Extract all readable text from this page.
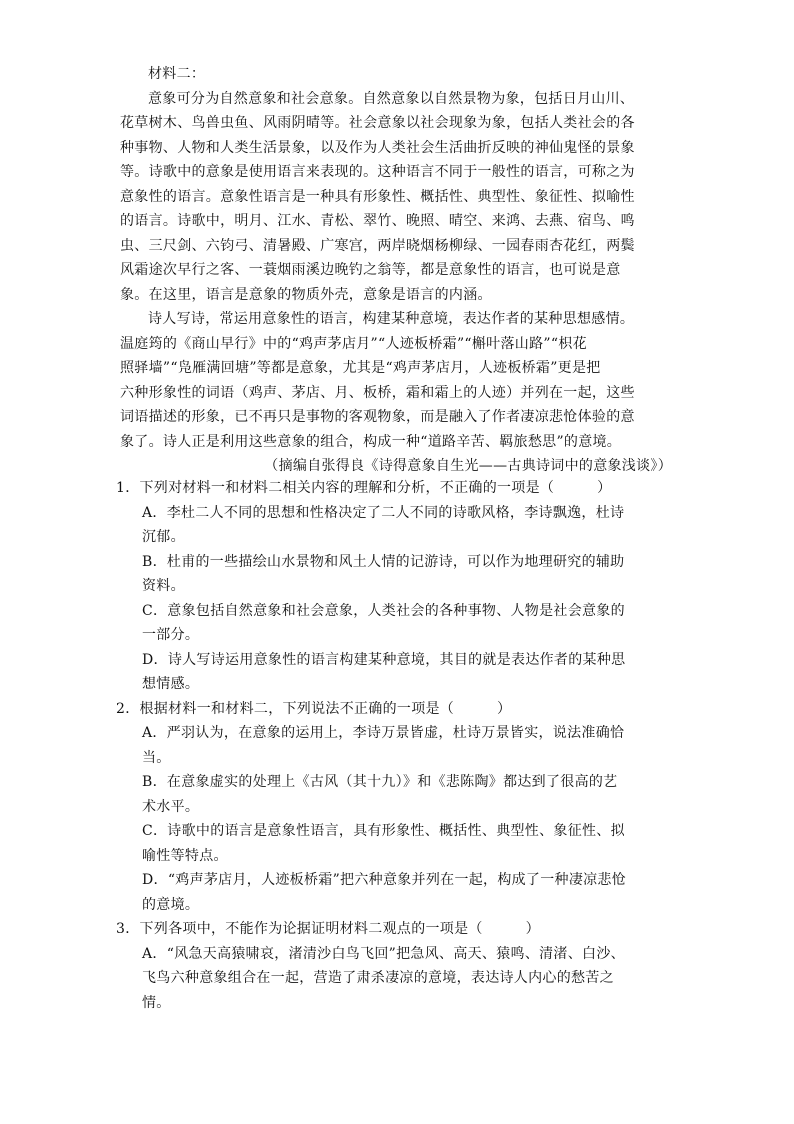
材料二：
意象可分为自然意象和社会意象。自然意象以自然景物为象，包括日月山川、
花草树木、鸟兽虫鱼、风雨阴晴等。社会意象以社会现象为象，包括人类社会的各
种事物、人物和人类生活景象，以及作为人类社会生活曲折反映的神仙鬼怪的景象
等。诗歌中的意象是使用语言来表现的。这种语言不同于一般性的语言，可称之为
意象性的语言。意象性语言是一种具有形象性、概括性、典型性、象征性、拟喻性
的语言。诗歌中，明月、江水、青松、翠竹、晚照、晴空、来鸿、去燕、宿鸟、鸣
虫、三尺剑、六钧弓、清暑殿、广寒宫，两岸晓烟杨柳绿、一园春雨杏花红，两鬓
风霜途次早行之客、一蓑烟雨溪边晚钓之翁等，都是意象性的语言，也可说是意
象。在这里，语言是意象的物质外壳，意象是语言的内涵。
诗人写诗，常运用意象性的语言，构建某种意境，表达作者的某种思想感情。
温庭筠的《商山早行》中的“鸡声茅店月”“人迹板桥霜”“槲叶落山路”“枳花
照驿墙”“凫雁满回塘”等都是意象，尤其是“鸡声茅店月，人迹板桥霜”更是把
六种形象性的词语（鸡声、茅店、月、板桥，霜和霜上的人迹）并列在一起，这些
词语描述的形象，已不再只是事物的客观物象，而是融入了作者凄凉悲怆体验的意
象了。诗人正是利用这些意象的组合，构成一种“道路辛苦、羁旅愁思”的意境。
（摘编自张得良《诗得意象自生光——古典诗词中的意象浅谈》）
1．下列对材料一和材料二相关内容的理解和分析，不正确的一项是（　　　）
A．李杜二人不同的思想和性格决定了二人不同的诗歌风格，李诗飘逸，杜诗
沉郁。
B．杜甫的一些描绘山水景物和风土人情的记游诗，可以作为地理研究的辅助
资料。
C．意象包括自然意象和社会意象，人类社会的各种事物、人物是社会意象的
一部分。
D．诗人写诗运用意象性的语言构建某种意境，其目的就是表达作者的某种思
想情感。
2．根据材料一和材料二，下列说法不正确的一项是（　　　）
A．严羽认为，在意象的运用上，李诗万景皆虚，杜诗万景皆实，说法准确恰
当。
B．在意象虚实的处理上《古风（其十九）》和《悲陈陶》都达到了很高的艺
术水平。
C．诗歌中的语言是意象性语言，具有形象性、概括性、典型性、象征性、拟
喻性等特点。
D．“鸡声茅店月，人迹板桥霜”把六种意象并列在一起，构成了一种凄凉悲怆
的意境。
3．下列各项中，不能作为论据证明材料二观点的一项是（　　　）
A．“风急天高猿啸哀，渚清沙白鸟飞回”把急风、高天、猿鸣、清渚、白沙、
飞鸟六种意象组合在一起，营造了肃杀凄凉的意境，表达诗人内心的愁苦之
情。
